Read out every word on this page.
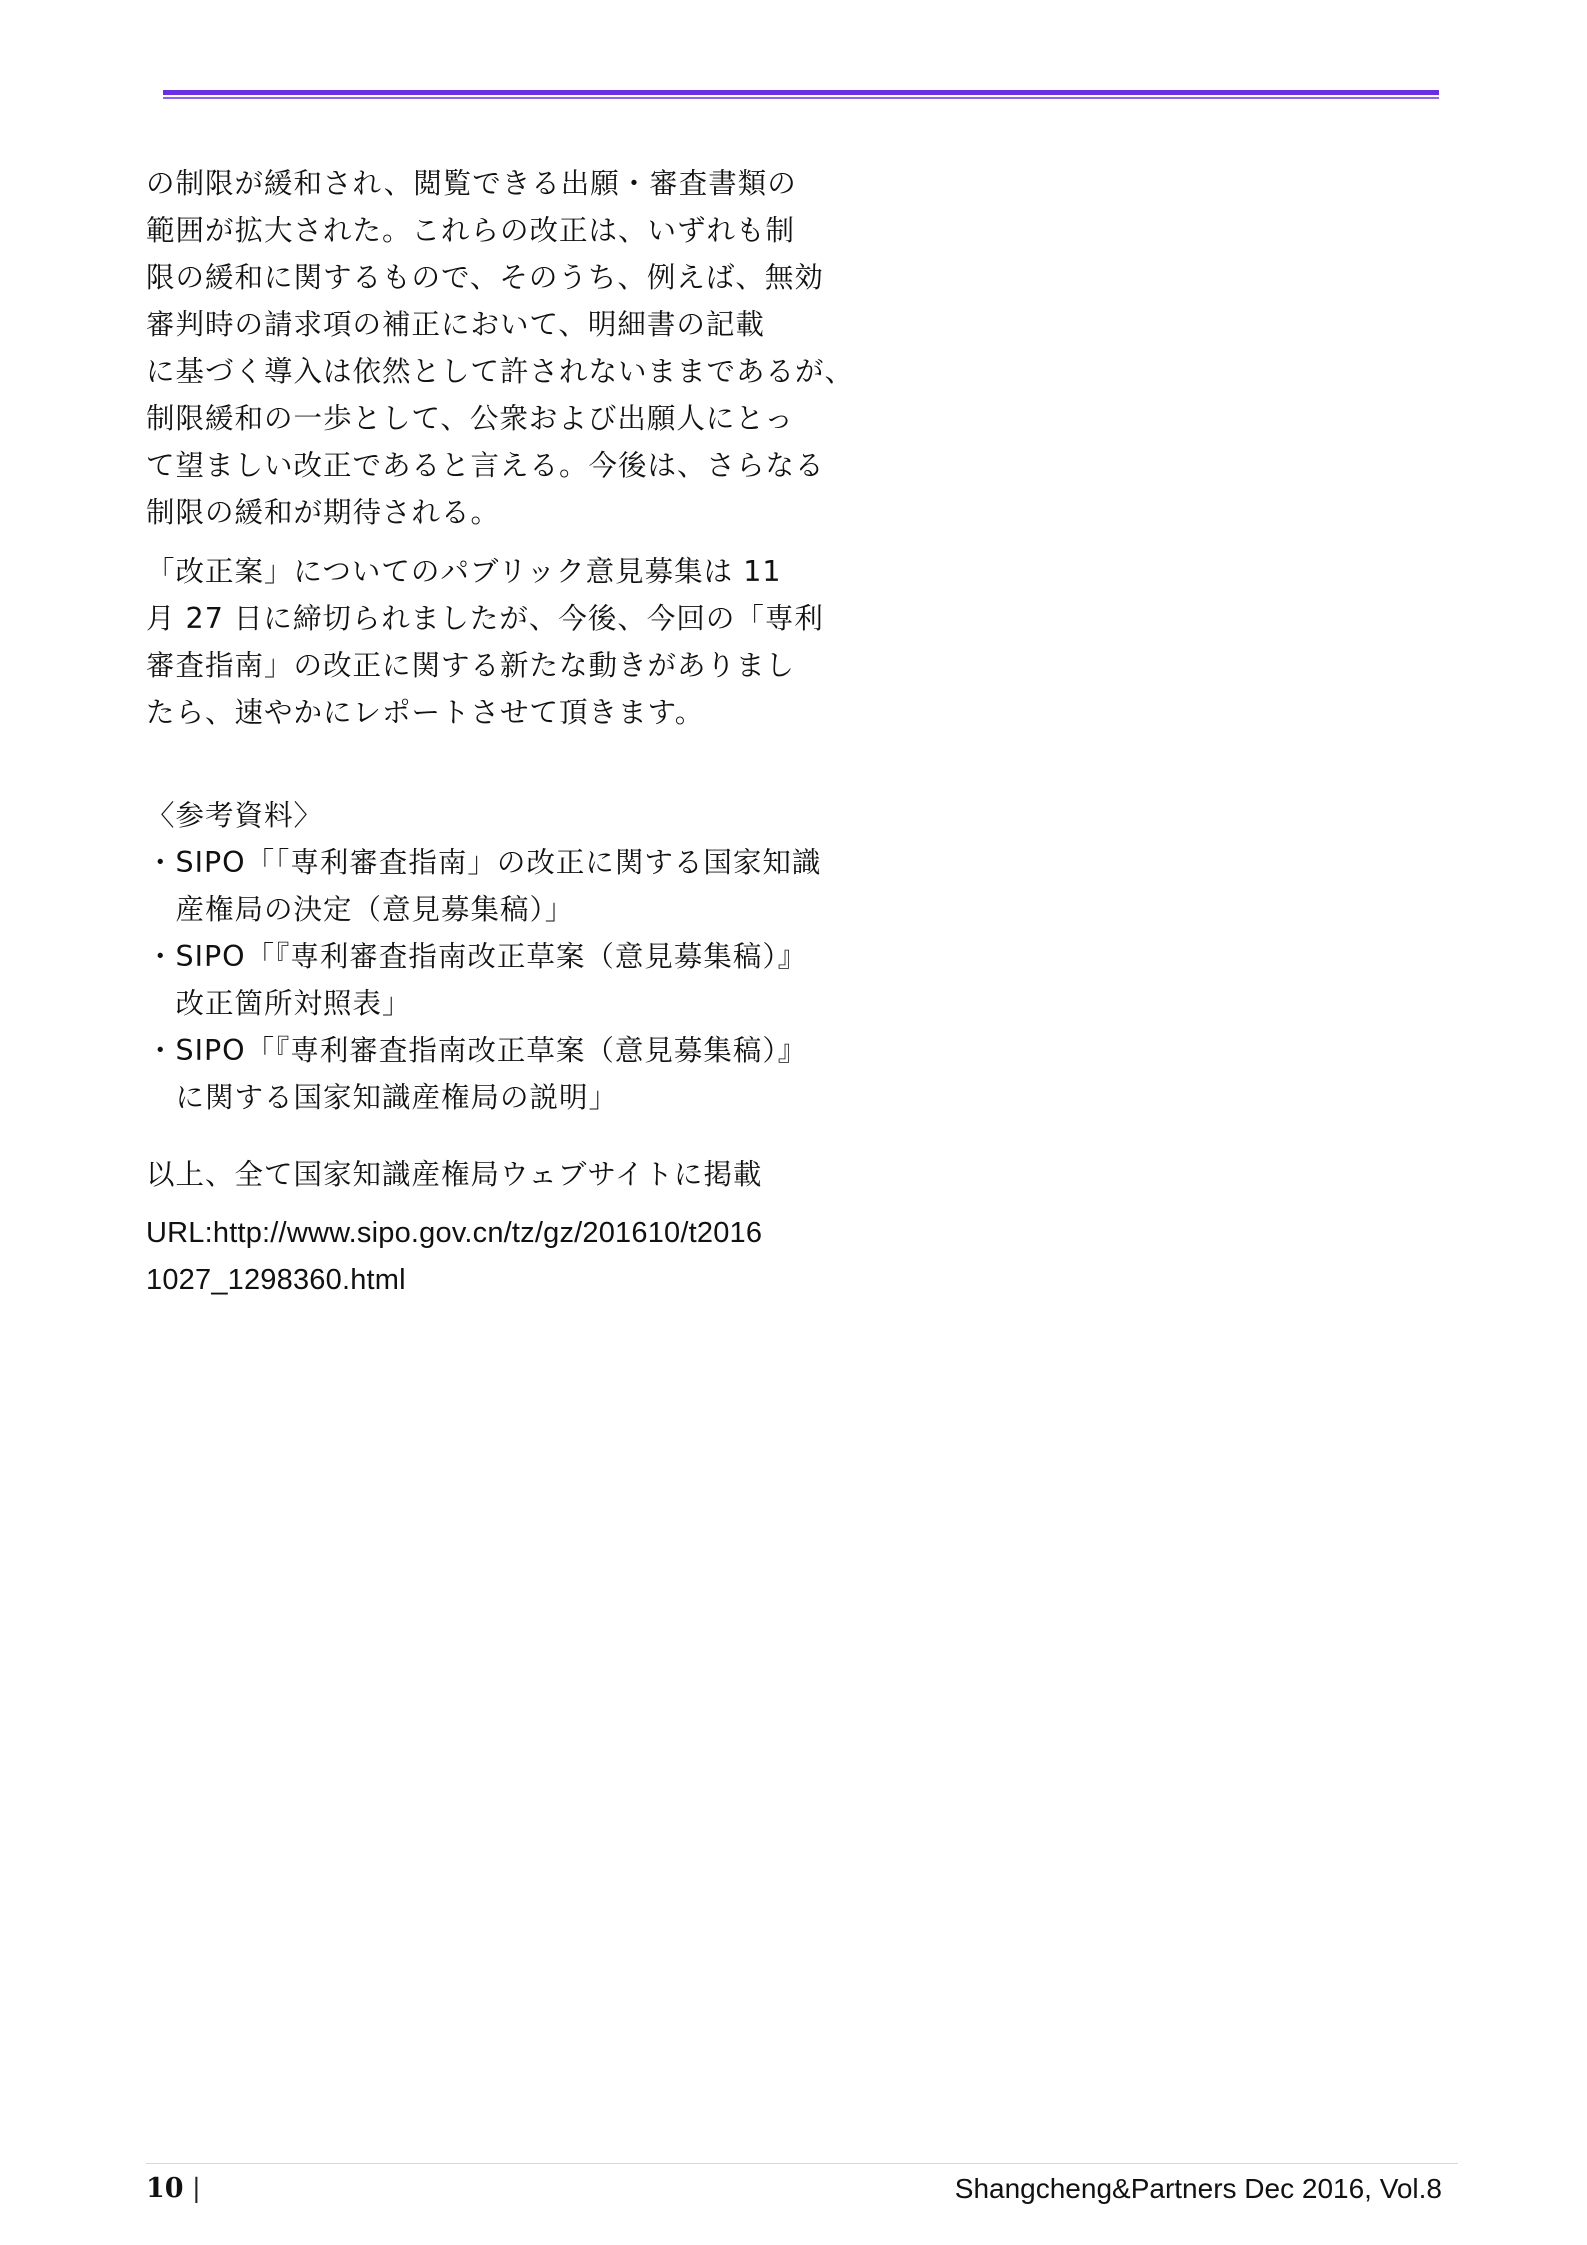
の制限が緩和され、閲覧できる出願・審査書類の
範囲が拡大された。これらの改正は、いずれも制
限の緩和に関するもので、そのうち、例えば、無効
審判時の請求項の補正において、明細書の記載
に基づく導入は依然として許されないままであるが、
制限緩和の一歩として、公衆および出願人にとっ
て望ましい改正であると言える。今後は、さらなる
制限の緩和が期待される。
「改正案」についてのパブリック意見募集は 11
月 27 日に締切られましたが、今後、今回の「専利
審査指南」の改正に関する新たな動きがありまし
たら、速やかにレポートさせて頂きます。
〈参考資料〉
・SIPO「「専利審査指南」の改正に関する国家知識
　産権局の決定（意見募集稿）」
・SIPO「『専利審査指南改正草案（意見募集稿）』
　改正箇所対照表」
・SIPO「『専利審査指南改正草案（意見募集稿）』
　に関する国家知識産権局の説明」
以上、全て国家知識産権局ウェブサイトに掲載
URL:http://www.sipo.gov.cn/tz/gz/201610/t2016
1027_1298360.html
10 |	Shangcheng&Partners Dec 2016, Vol.8
